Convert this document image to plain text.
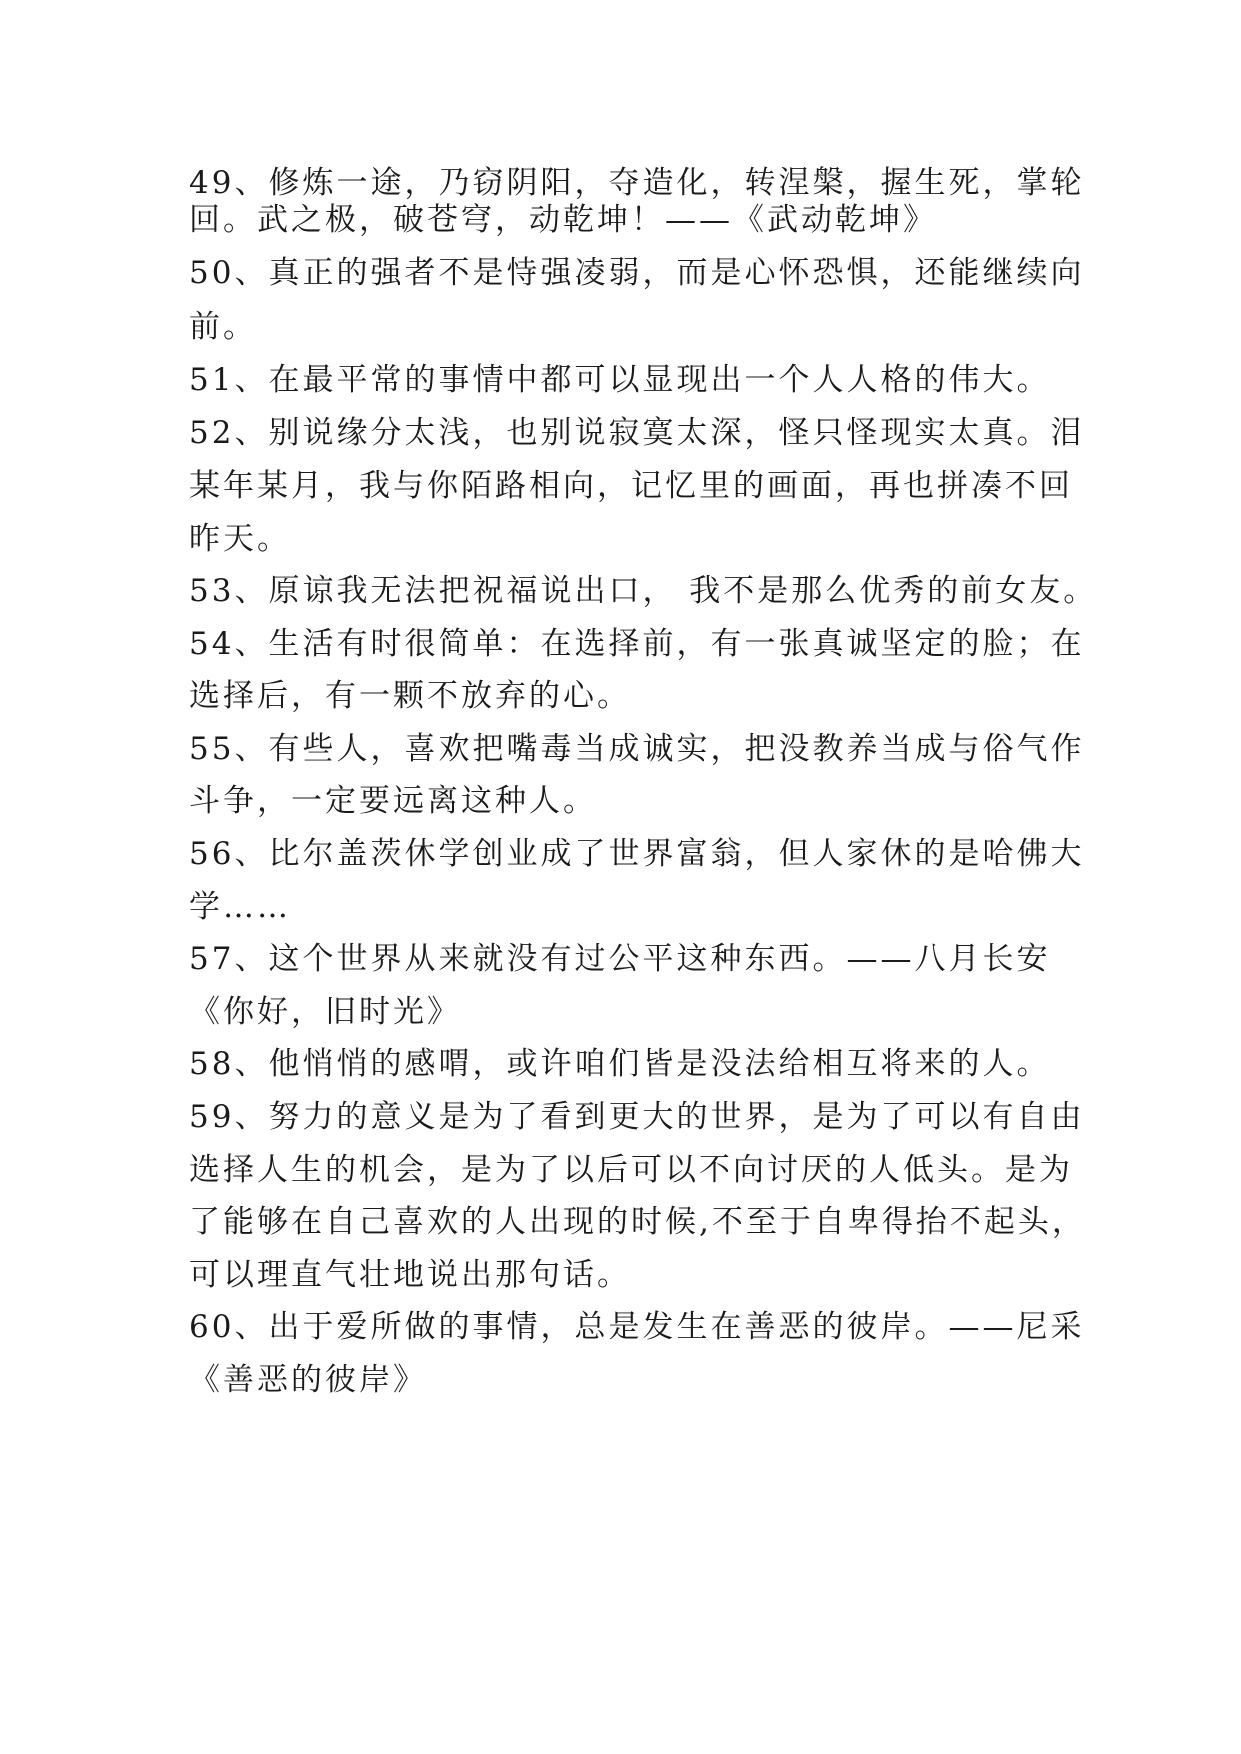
49、修炼一途，乃窃阴阳，夺造化，转涅槃，握生死，掌轮
回。武之极，破苍穹，动乾坤！——《武动乾坤》
50、真正的强者不是恃强凌弱，而是心怀恐惧，还能继续向
前。
51、在最平常的事情中都可以显现出一个人人格的伟大。
52、别说缘分太浅，也别说寂寞太深，怪只怪现实太真。泪
某年某月，我与你陌路相向，记忆里的画面，再也拼凑不回
昨天。
53、原谅我无法把祝福说出口， 我不是那么优秀的前女友。
54、生活有时很简单：在选择前，有一张真诚坚定的脸；在
选择后，有一颗不放弃的心。
55、有些人，喜欢把嘴毒当成诚实，把没教养当成与俗气作
斗争，一定要远离这种人。
56、比尔盖茨休学创业成了世界富翁，但人家休的是哈佛大
学……
57、这个世界从来就没有过公平这种东西。——八月长安
《你好，旧时光》
58、他悄悄的感喟，或许咱们皆是没法给相互将来的人。
59、努力的意义是为了看到更大的世界，是为了可以有自由
选择人生的机会，是为了以后可以不向讨厌的人低头。是为
了能够在自己喜欢的人出现的时候,不至于自卑得抬不起头，
可以理直气壮地说出那句话。
60、出于爱所做的事情，总是发生在善恶的彼岸。——尼采
《善恶的彼岸》
